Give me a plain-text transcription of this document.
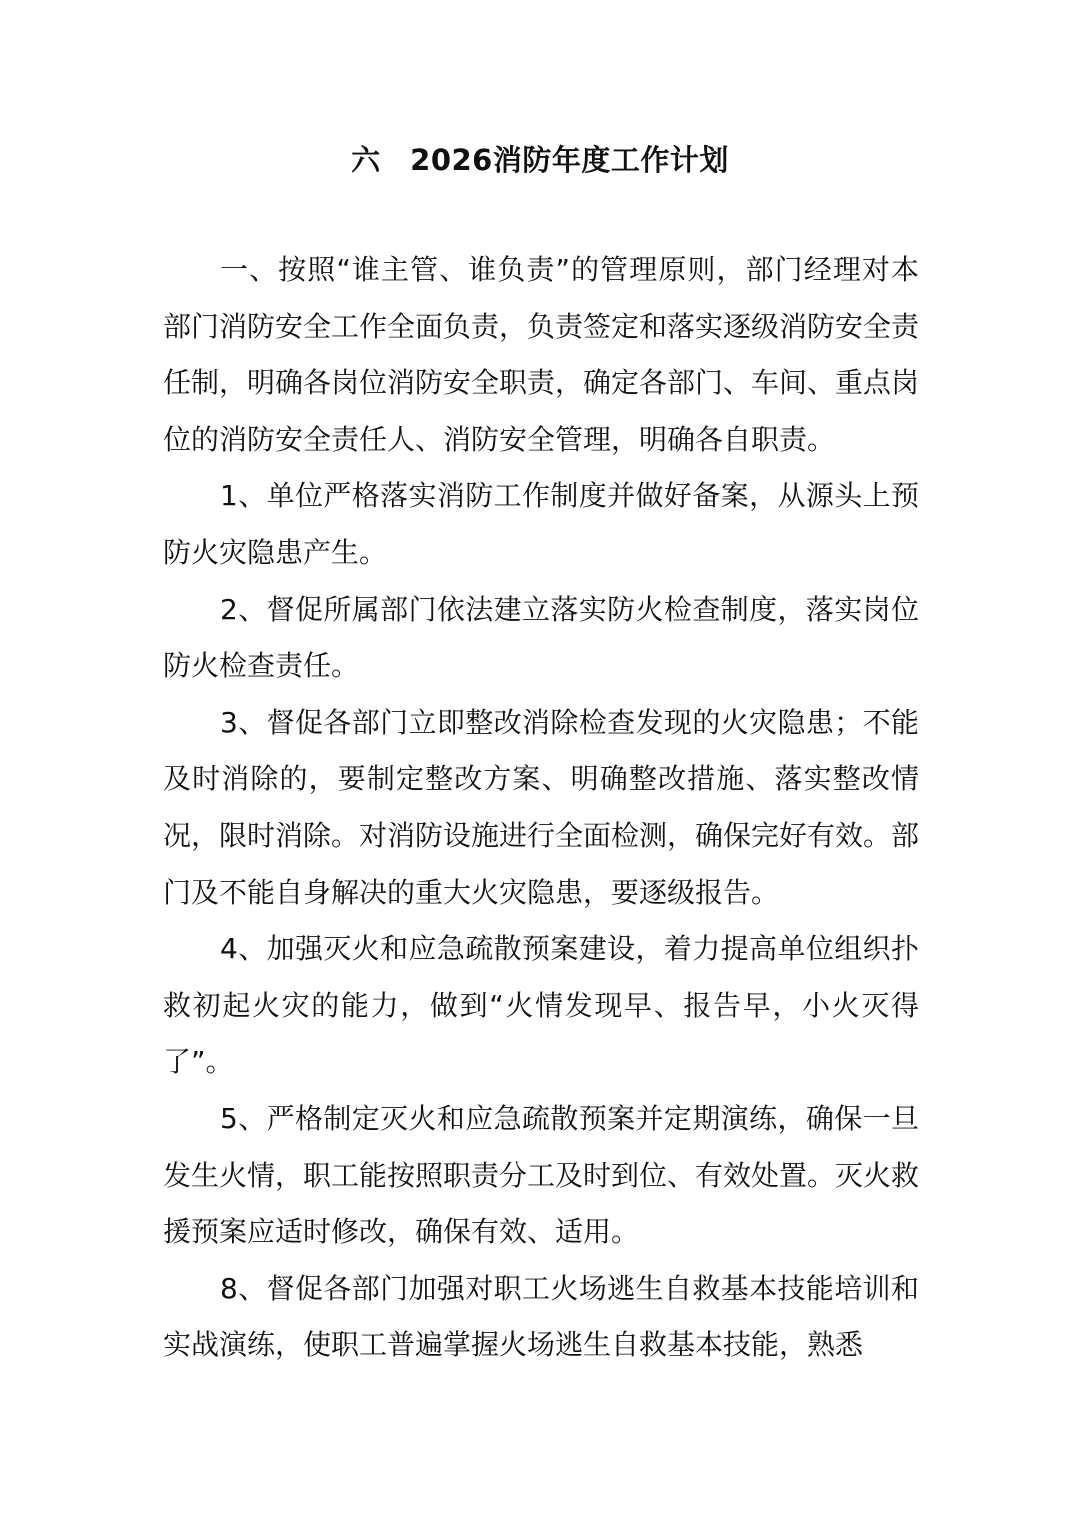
六　2026消防年度工作计划

一、按照“谁主管、谁负责”的管理原则，部门经理对本部门消防安全工作全面负责，负责签定和落实逐级消防安全责任制，明确各岗位消防安全职责，确定各部门、车间、重点岗位的消防安全责任人、消防安全管理，明确各自职责。

1、单位严格落实消防工作制度并做好备案，从源头上预防火灾隐患产生。

2、督促所属部门依法建立落实防火检查制度，落实岗位防火检查责任。

3、督促各部门立即整改消除检查发现的火灾隐患；不能及时消除的，要制定整改方案、明确整改措施、落实整改情况，限时消除。对消防设施进行全面检测，确保完好有效。部门及不能自身解决的重大火灾隐患，要逐级报告。

4、加强灭火和应急疏散预案建设，着力提高单位组织扑救初起火灾的能力，做到“火情发现早、报告早，小火灭得了”。

5、严格制定灭火和应急疏散预案并定期演练，确保一旦发生火情，职工能按照职责分工及时到位、有效处置。灭火救援预案应适时修改，确保有效、适用。

8、督促各部门加强对职工火场逃生自救基本技能培训和实战演练，使职工普遍掌握火场逃生自救基本技能，熟悉
